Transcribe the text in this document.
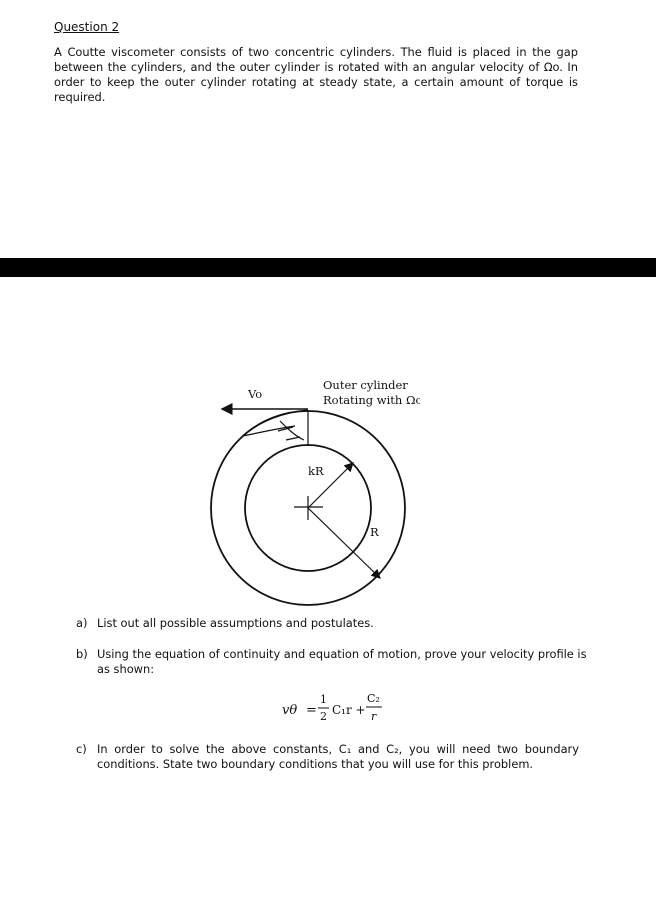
Question 2

A Coutte viscometer consists of two concentric cylinders. The fluid is placed in the gap between the cylinders, and the outer cylinder is rotated with an angular velocity of Ωo. In order to keep the outer cylinder rotating at steady state, a certain amount of torque is required.

Vo
Outer cylinder
Rotating with Ωo
kR
R
a) List out all possible assumptions and postulates.
b) Using the equation of continuity and equation of motion, prove your velocity profile is as shown:
vθ =
1
2 C₁r +
C₂
r
c) In order to solve the above constants, C₁ and C₂, you will need two boundary conditions. State two boundary conditions that you will use for this problem.
